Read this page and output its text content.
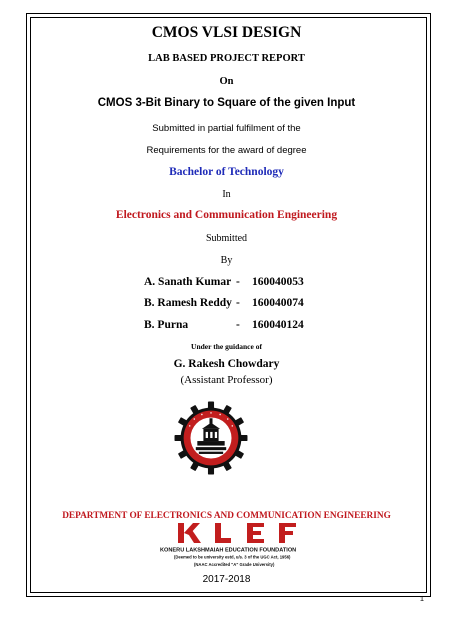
CMOS VLSI DESIGN
LAB BASED PROJECT REPORT
On
CMOS 3-Bit Binary to Square of the given Input
Submitted in partial fulfilment of the
Requirements for the award of degree
Bachelor of Technology
In
Electronics and Communication Engineering
Submitted
By
A. Sanath Kumar - 160040053
B. Ramesh Reddy - 160040074
B. Purna	- 160040124
Under the guidance of
G. Rakesh Chowdary
(Assistant Professor)
DEPARTMENT OF ELECTRONICS AND COMMUNICATION ENGINEERING
KONERU LAKSHMAIAH EDUCATION FOUNDATION
(Deemed to be university estd, u/s. 3 of the UGC Act, 1956)
(NAAC Accredited "A" Grade University)
2017-2018
1
